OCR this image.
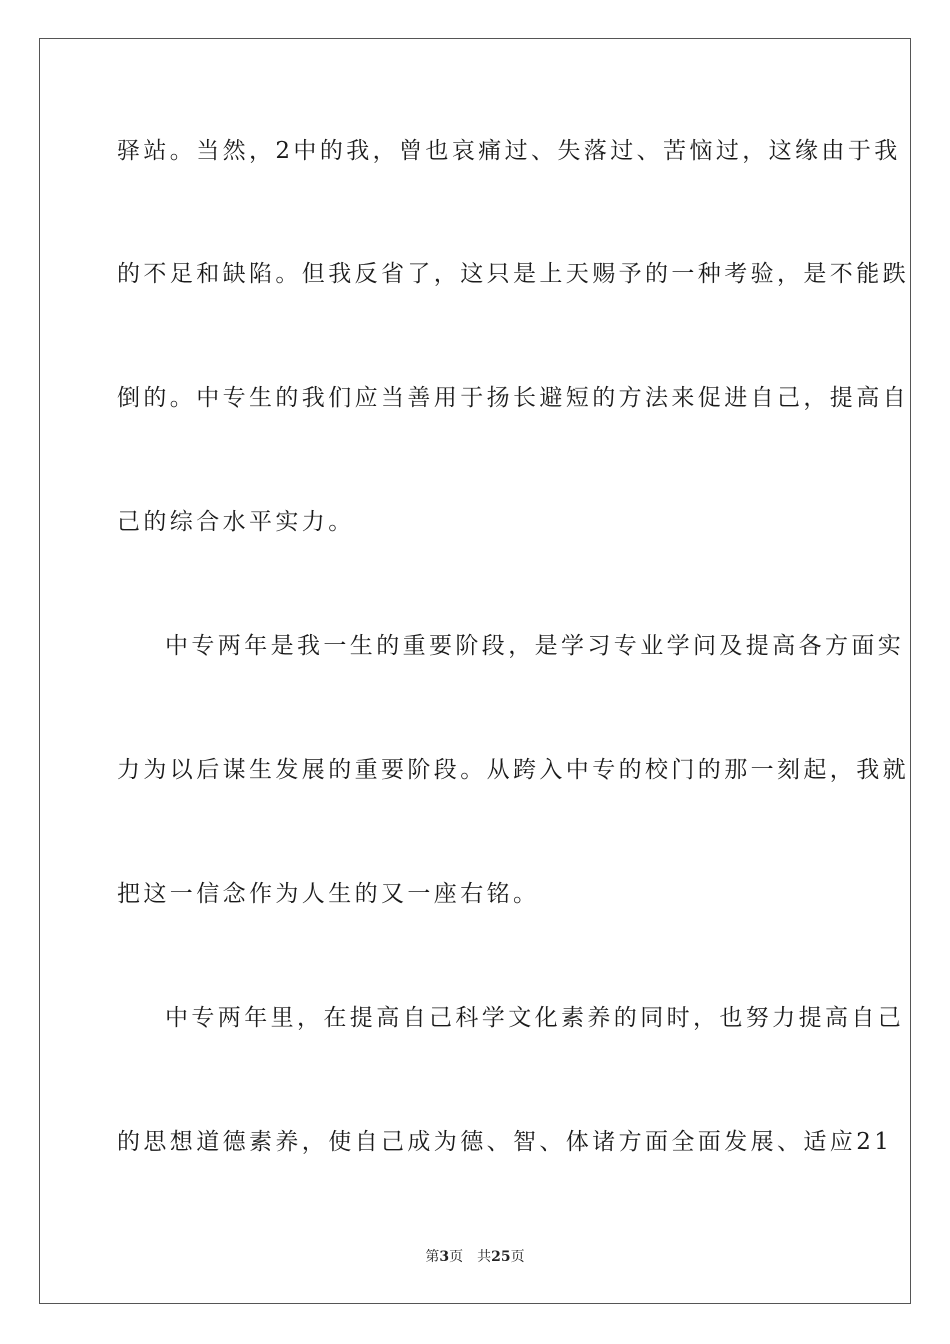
驿站。当然，2中的我，曾也哀痛过、失落过、苦恼过，这缘由于我
的不足和缺陷。但我反省了，这只是上天赐予的一种考验，是不能跌
倒的。中专生的我们应当善用于扬长避短的方法来促进自己，提高自
己的综合水平实力。
中专两年是我一生的重要阶段，是学习专业学问及提高各方面实
力为以后谋生发展的重要阶段。从跨入中专的校门的那一刻起，我就
把这一信念作为人生的又一座右铭。
中专两年里，在提高自己科学文化素养的同时，也努力提高自己
的思想道德素养，使自己成为德、智、体诸方面全面发展、适应21
第3页 共25页
